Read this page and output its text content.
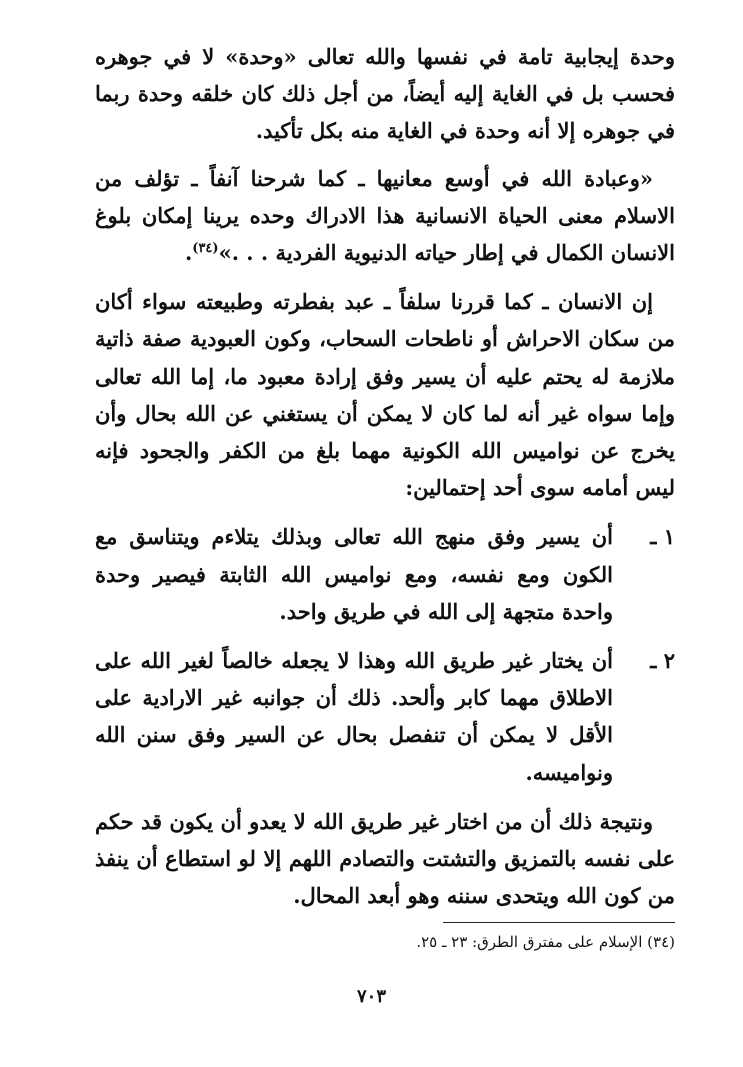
وحدة إيجابية تامة في نفسها والله تعالى «وحدة» لا في جوهره فحسب بل في الغاية إليه أيضاً، من أجل ذلك كان خلقه وحدة ربما في جوهره إلا أنه وحدة في الغاية منه بكل تأكيد.

«وعبادة الله في أوسع معانيها ـ كما شرحنا آنفاً ـ تؤلف من الاسلام معنى الحياة الانسانية هذا الادراك وحده يرينا إمكان بلوغ الانسان الكمال في إطار حياته الدنيوية الفردية . . .»$^{(٣٤)}$.

إن الانسان ـ كما قررنا سلفاً ـ عبد بفطرته وطبيعته سواء أكان من سكان الاحراش أو ناطحات السحاب، وكون العبودية صفة ذاتية ملازمة له يحتم عليه أن يسير وفق إرادة معبود ما، إما الله تعالى وإما سواه غير أنه لما كان لا يمكن أن يستغني عن الله بحال وأن يخرج عن نواميس الله الكونية مهما بلغ من الكفر والجحود فإنه ليس أمامه سوى أحد إحتمالين:

١ ـ
أن يسير وفق منهج الله تعالى وبذلك يتلاءم ويتناسق مع الكون ومع نفسه، ومع نواميس الله الثابتة فيصير وحدة واحدة متجهة إلى الله في طريق واحد.
٢ ـ
أن يختار غير طريق الله وهذا لا يجعله خالصاً لغير الله على الاطلاق مهما كابر وألحد. ذلك أن جوانبه غير الارادية على الأقل لا يمكن أن تنفصل بحال عن السير وفق سنن الله ونواميسه.

ونتيجة ذلك أن من اختار غير طريق الله لا يعدو أن يكون قد حكم على نفسه بالتمزيق والتشتت والتصادم اللهم إلا لو استطاع أن ينفذ من كون الله ويتحدى سننه وهو أبعد المحال.

(٣٤) الإسلام على مفترق الطرق: ٢٣ ـ ٢٥.
٧٠٣
